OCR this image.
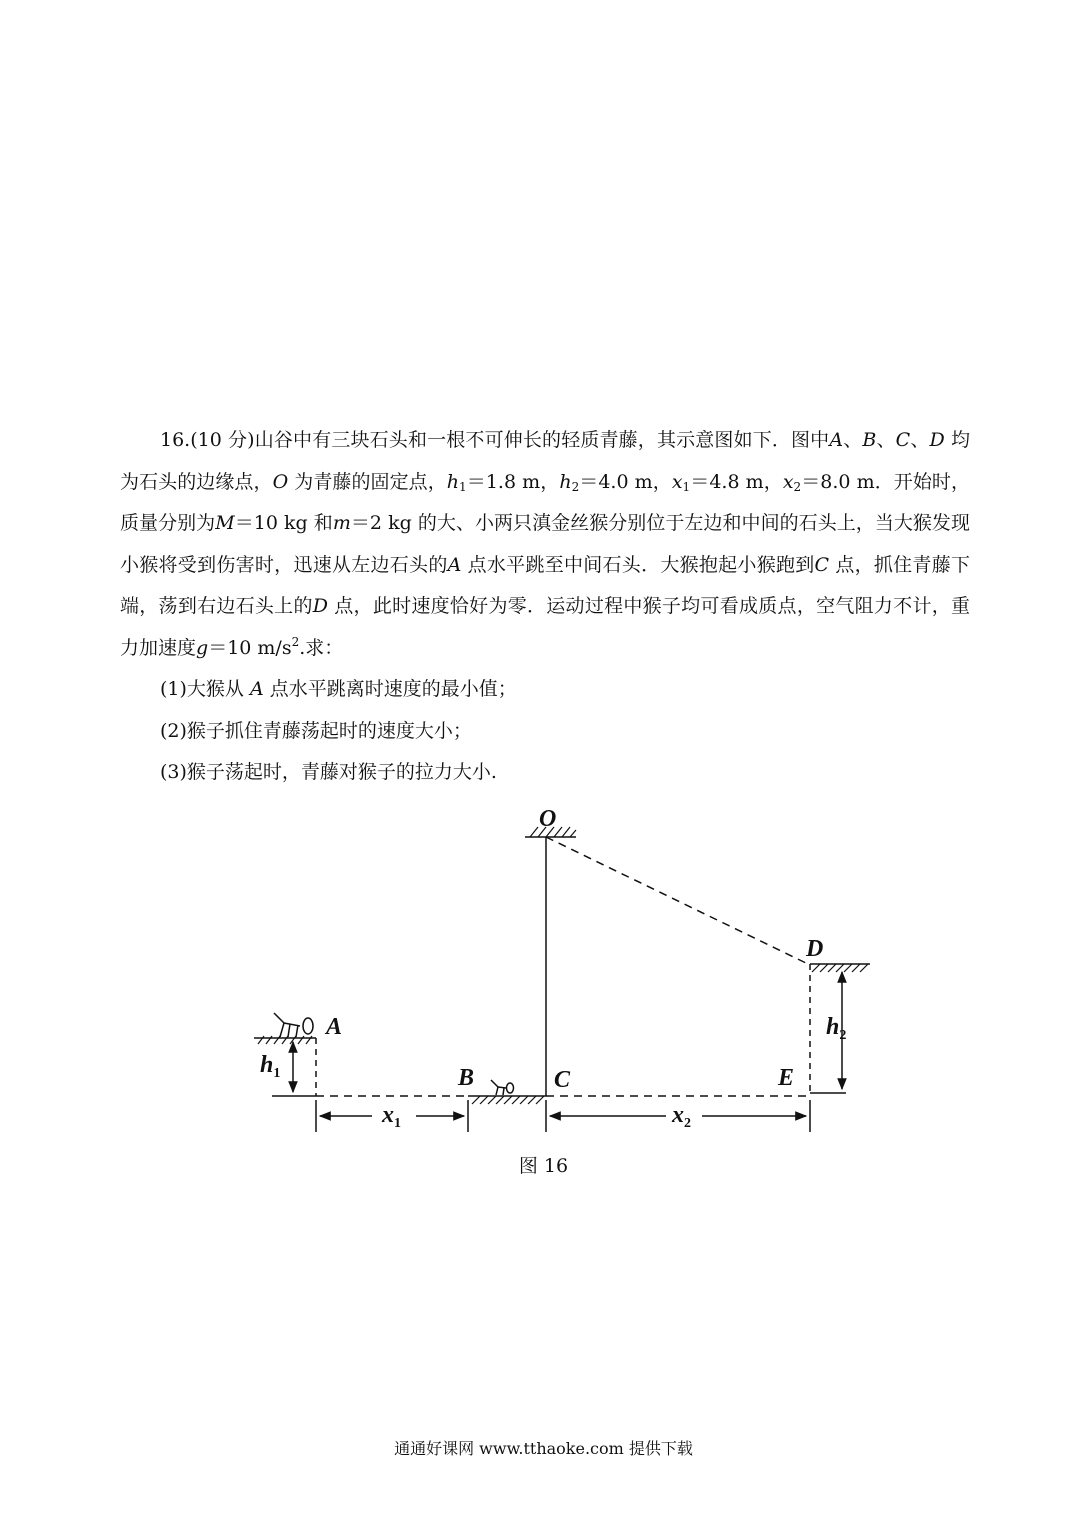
16.(10 分)山谷中有三块石头和一根不可伸长的轻质青藤，其示意图如下．图中A、B、C、D 均为石头的边缘点，O 为青藤的固定点，$h_1=1.8$ m，$h_2=4.0$ m，$x_1=4.8$ m，$x_2=8.0$ m．开始时，质量分别为M＝10 kg 和m＝2 kg 的大、小两只滇金丝猴分别位于左边和中间的石头上，当大猴发现小猴将受到伤害时，迅速从左边石头的A 点水平跳至中间石头．大猴抱起小猴跑到C 点，抓住青藤下端，荡到右边石头上的D 点，此时速度恰好为零．运动过程中猴子均可看成质点，空气阻力不计，重力加速度g＝10 $m/s^2$.求：

(1)大猴从 A 点水平跳离时速度的最小值；

(2)猴子抓住青藤荡起时的速度大小；

(3)猴子荡起时，青藤对猴子的拉力大小.

O
A
B	C
D
E
$h_1$
$h_2$
$x_1$	$x_2$
图 16
通通好课网 www.tthaoke.com 提供下载
